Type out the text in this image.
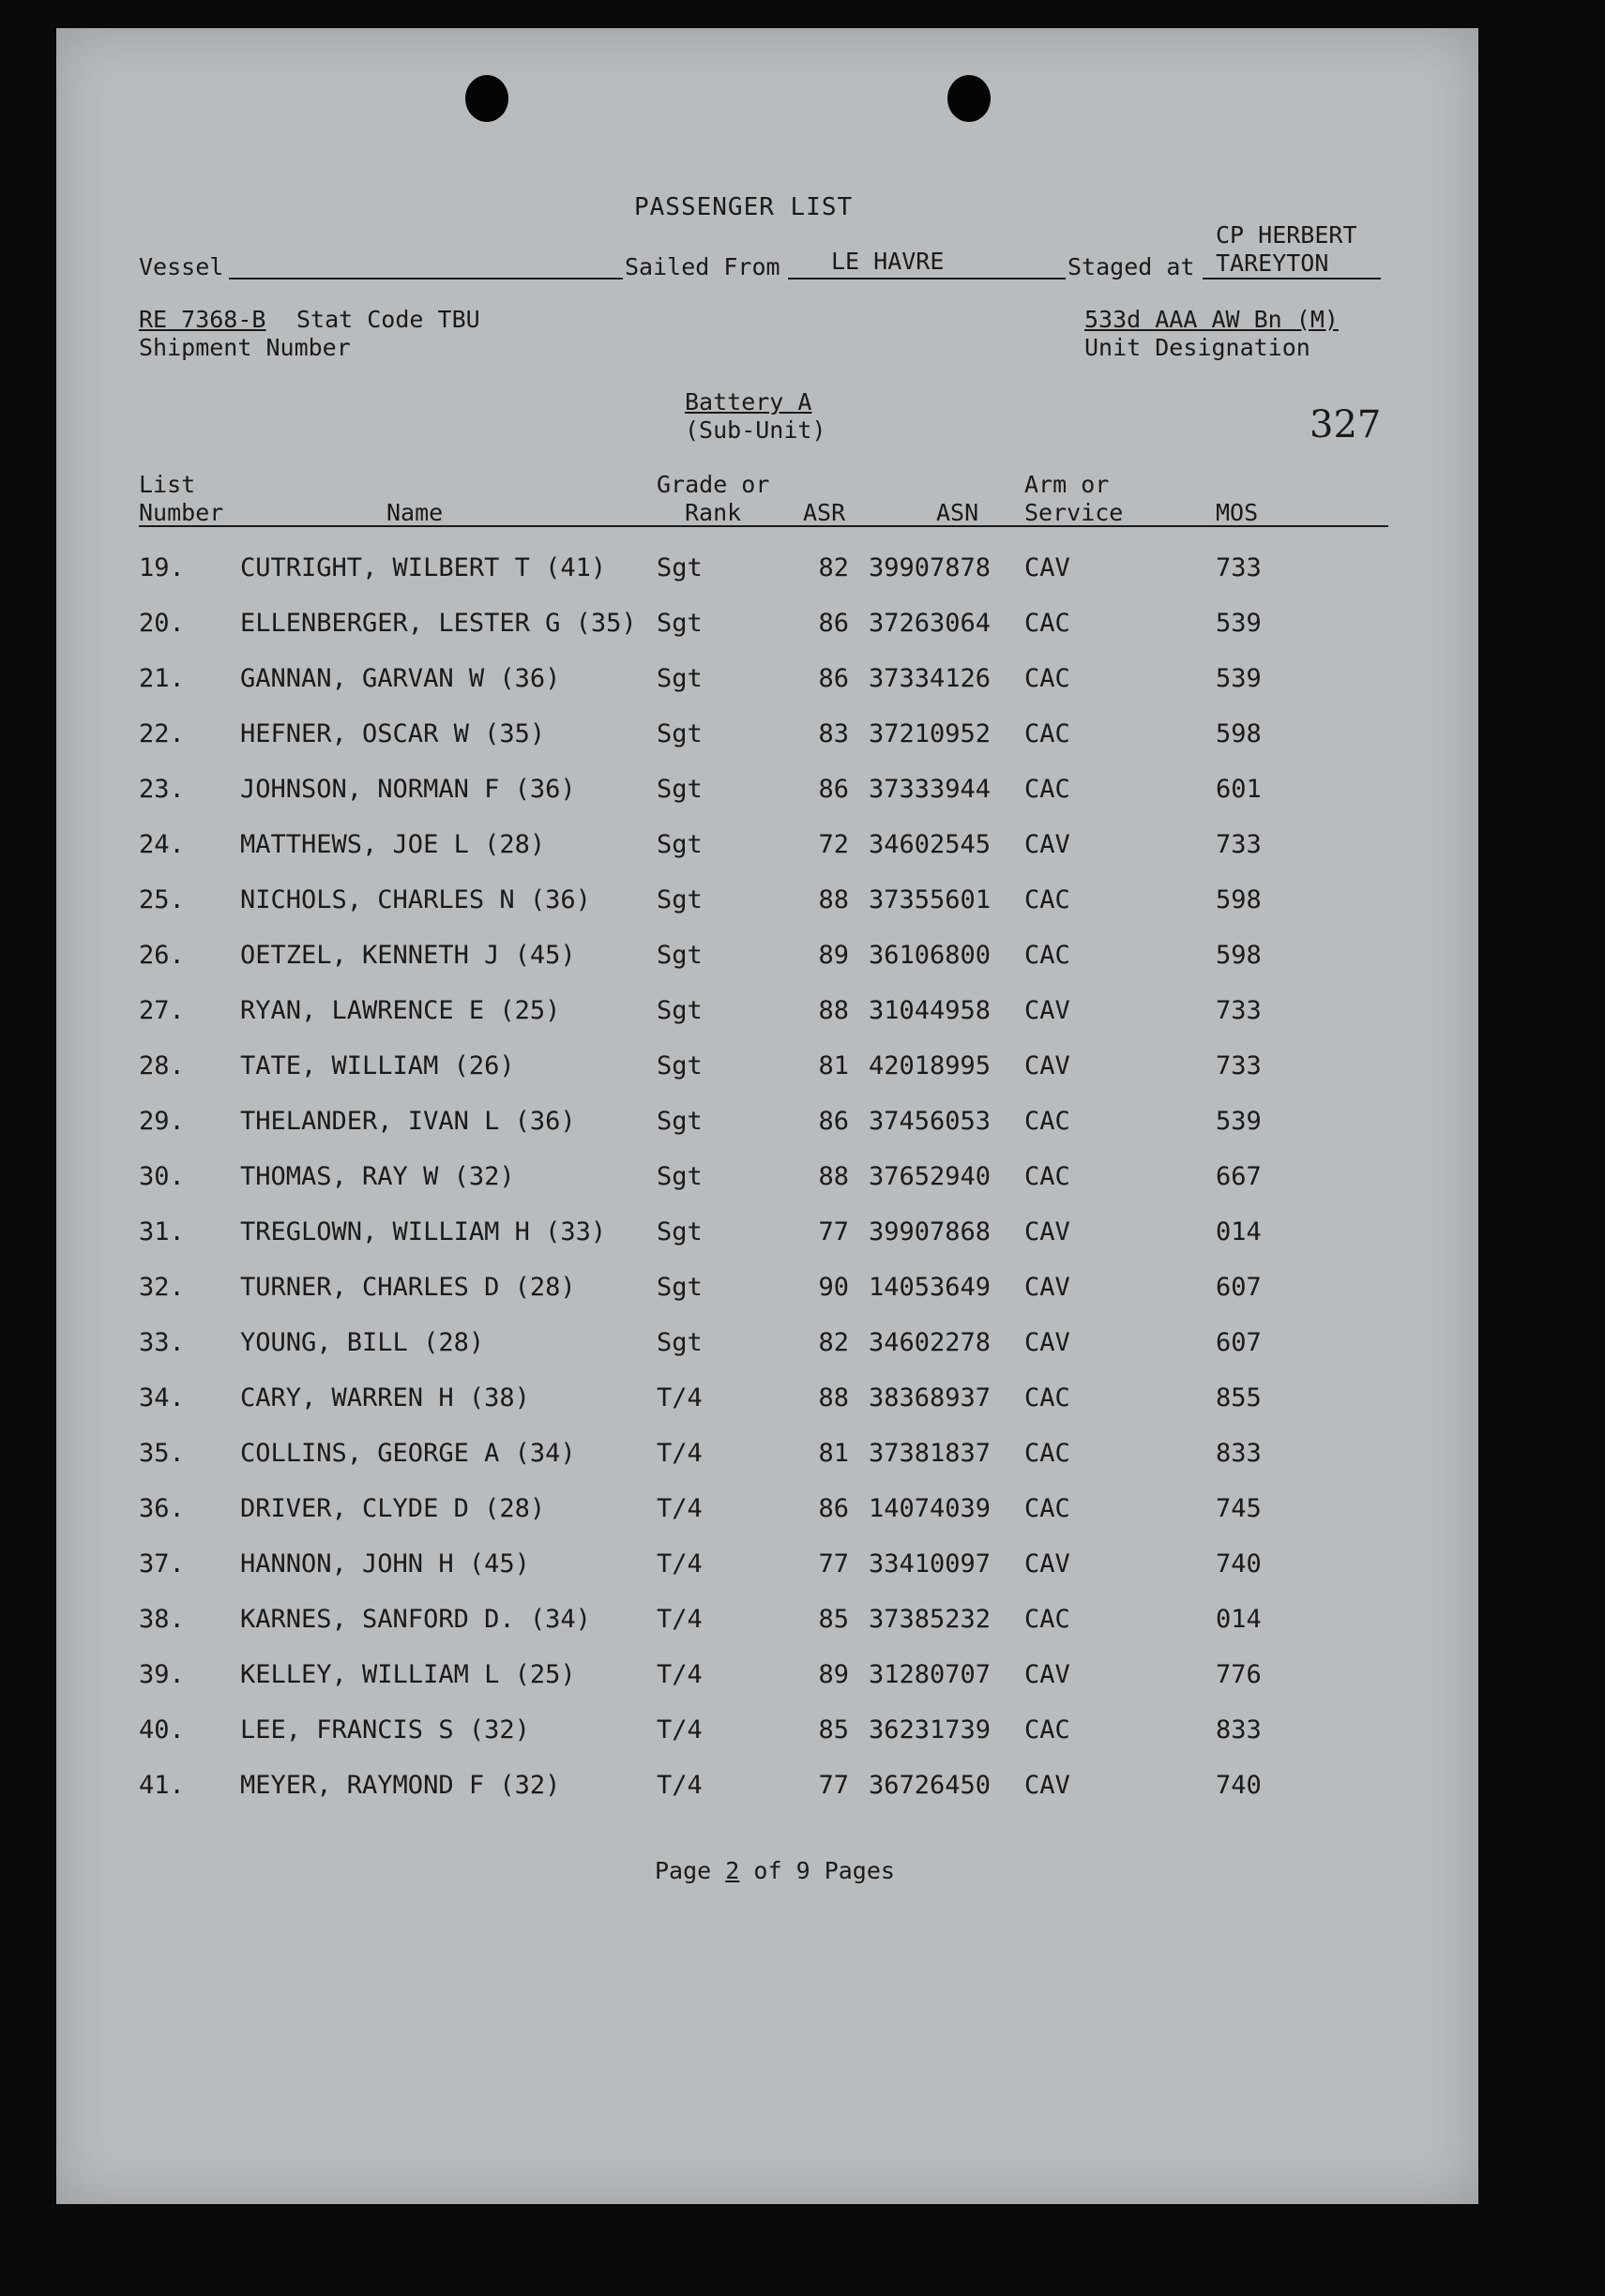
PASSENGER LIST
Vessel	Sailed From LE HAVRE	Staged at
CP HERBERT
TAREYTON
RE 7368-B Stat Code TBU
Shipment Number
533d AAA AW Bn (M)
Unit Designation
Battery A
(Sub-Unit)	327
List
Number	Name
Grade or
Rank	ASR	ASN
Arm or
Service	MOS
19. CUTRIGHT, WILBERT T (41) Sgt	82 39907878 CAV	733
20. ELLENBERGER, LESTER G (35) Sgt	86 37263064 CAC	539
21. GANNAN, GARVAN W (36)	Sgt	86 37334126 CAC	539
22. HEFNER, OSCAR W (35)	Sgt	83 37210952 CAC	598
23. JOHNSON, NORMAN F (36)	Sgt	86 37333944 CAC	601
24. MATTHEWS, JOE L (28)	Sgt	72 34602545 CAV	733
25. NICHOLS, CHARLES N (36)	Sgt	88 37355601 CAC	598
26. OETZEL, KENNETH J (45)	Sgt	89 36106800 CAC	598
27. RYAN, LAWRENCE E (25)	Sgt	88 31044958 CAV	733
28. TATE, WILLIAM (26)	Sgt	81 42018995 CAV	733
29. THELANDER, IVAN L (36)	Sgt	86 37456053 CAC	539
30. THOMAS, RAY W (32)	Sgt	88 37652940 CAC	667
31. TREGLOWN, WILLIAM H (33) Sgt	77 39907868 CAV	014
32. TURNER, CHARLES D (28)	Sgt	90 14053649 CAV	607
33. YOUNG, BILL (28)	Sgt	82 34602278 CAV	607
34. CARY, WARREN H (38)	T/4	88 38368937 CAC	855
35. COLLINS, GEORGE A (34)	T/4	81 37381837 CAC	833
36. DRIVER, CLYDE D (28)	T/4	86 14074039 CAC	745
37. HANNON, JOHN H (45)	T/4	77 33410097 CAV	740
38. KARNES, SANFORD D. (34)	T/4	85 37385232 CAC	014
39. KELLEY, WILLIAM L (25)	T/4	89 31280707 CAV	776
40. LEE, FRANCIS S (32)	T/4	85 36231739 CAC	833
41. MEYER, RAYMOND F (32)	T/4	77 36726450 CAV	740
Page 2 of 9 Pages
